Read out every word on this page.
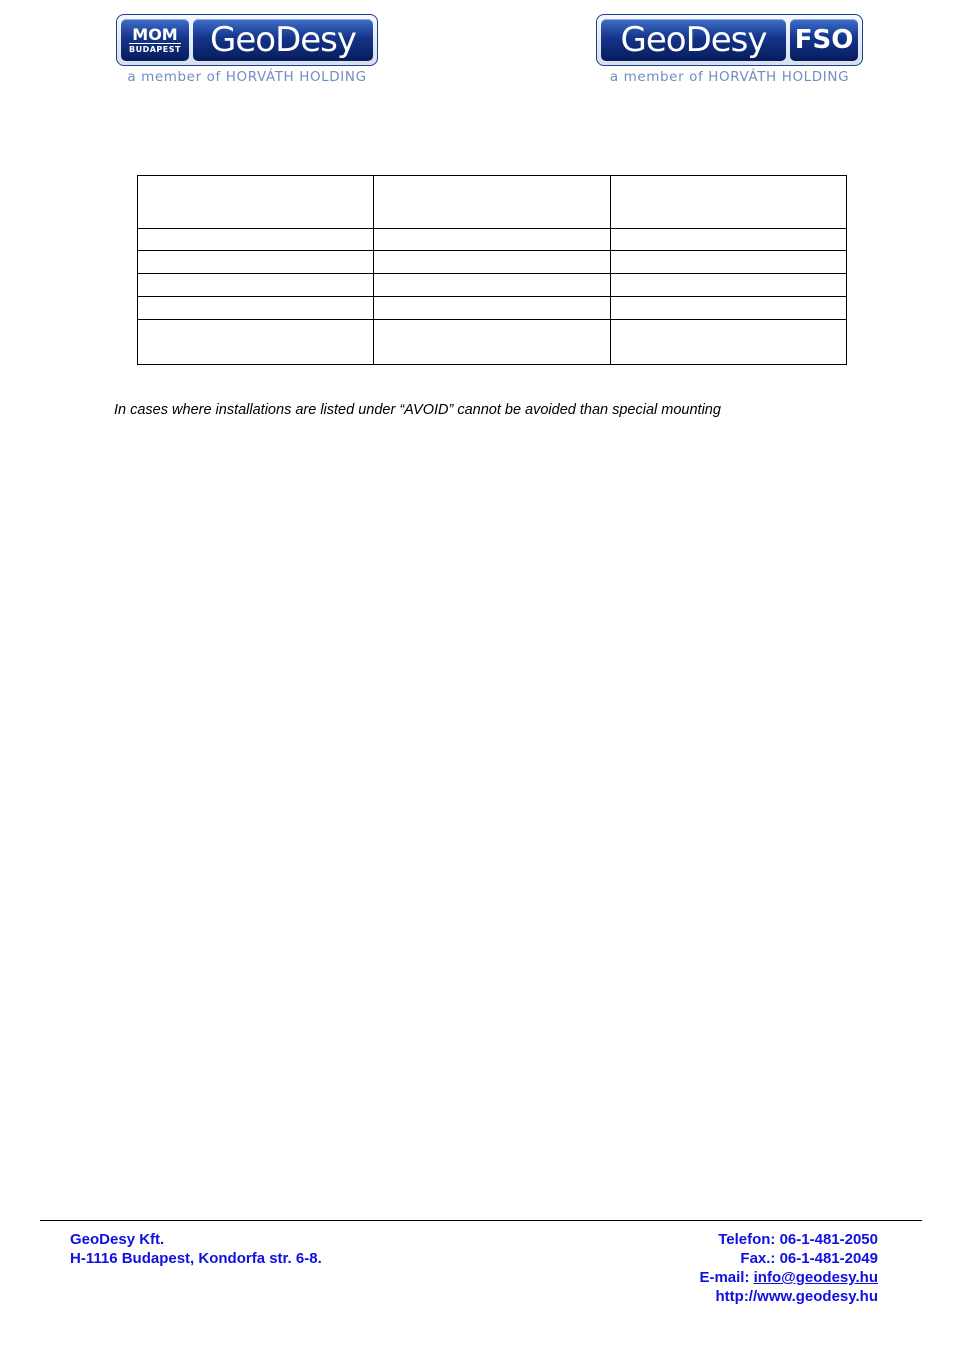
MOM
BUDAPEST GeoDesy
a member of HORVÁTH HOLDING
GeoDesy	FSO
a member of HORVÁTH HOLDING

In cases where installations are listed under “AVOID” cannot be avoided than special mounting

GeoDesy Kft.
H-1116 Budapest, Kondorfa str. 6-8.
Telefon: 06-1-481-2050
Fax.: 06-1-481-2049
E-mail: info@geodesy.hu
http://www.geodesy.hu
